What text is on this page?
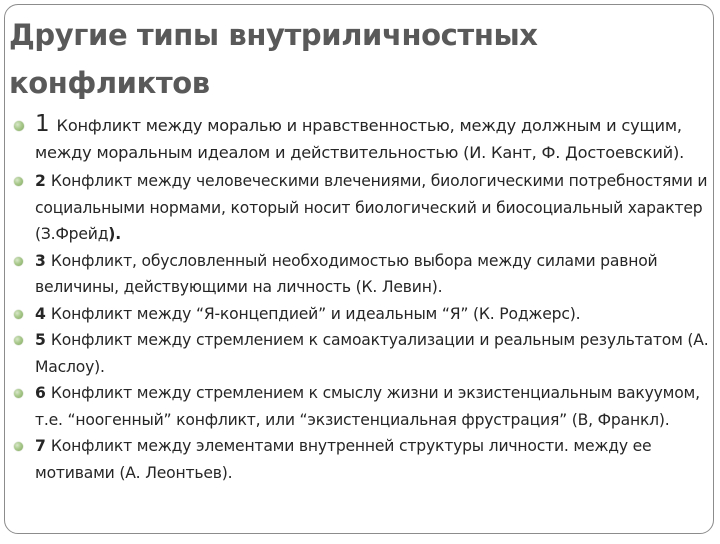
Другие типы внутриличностных конфликтов
1 Конфликт между моралью и нравственностью, между должным и сущим, между моральным идеалом и действительностью (И. Кант, Ф. Достоевский).
2 Конфликт между человеческими влечениями, биологическими потребностями и социальными нормами, который носит биологический и биосоциальный характер (З.Фрейд).
3 Конфликт, обусловленный необходимостью выбора между силами равной величины, действующими на личность (К. Левин).
4 Конфликт между “Я-концепдией” и идеальным “Я” (К. Роджерс).
5 Конфликт между стремлением к самоактуализации и реальным результатом (А. Маслоу).
6 Конфликт между стремлением к смыслу жизни и экзистенциальным вакуумом, т.е. “ноогенный” конфликт, или “экзистенциальная фрустрация” (В, Франкл).
7 Конфликт между элементами внутренней структуры личности. между ее мотивами (А. Леонтьев).
